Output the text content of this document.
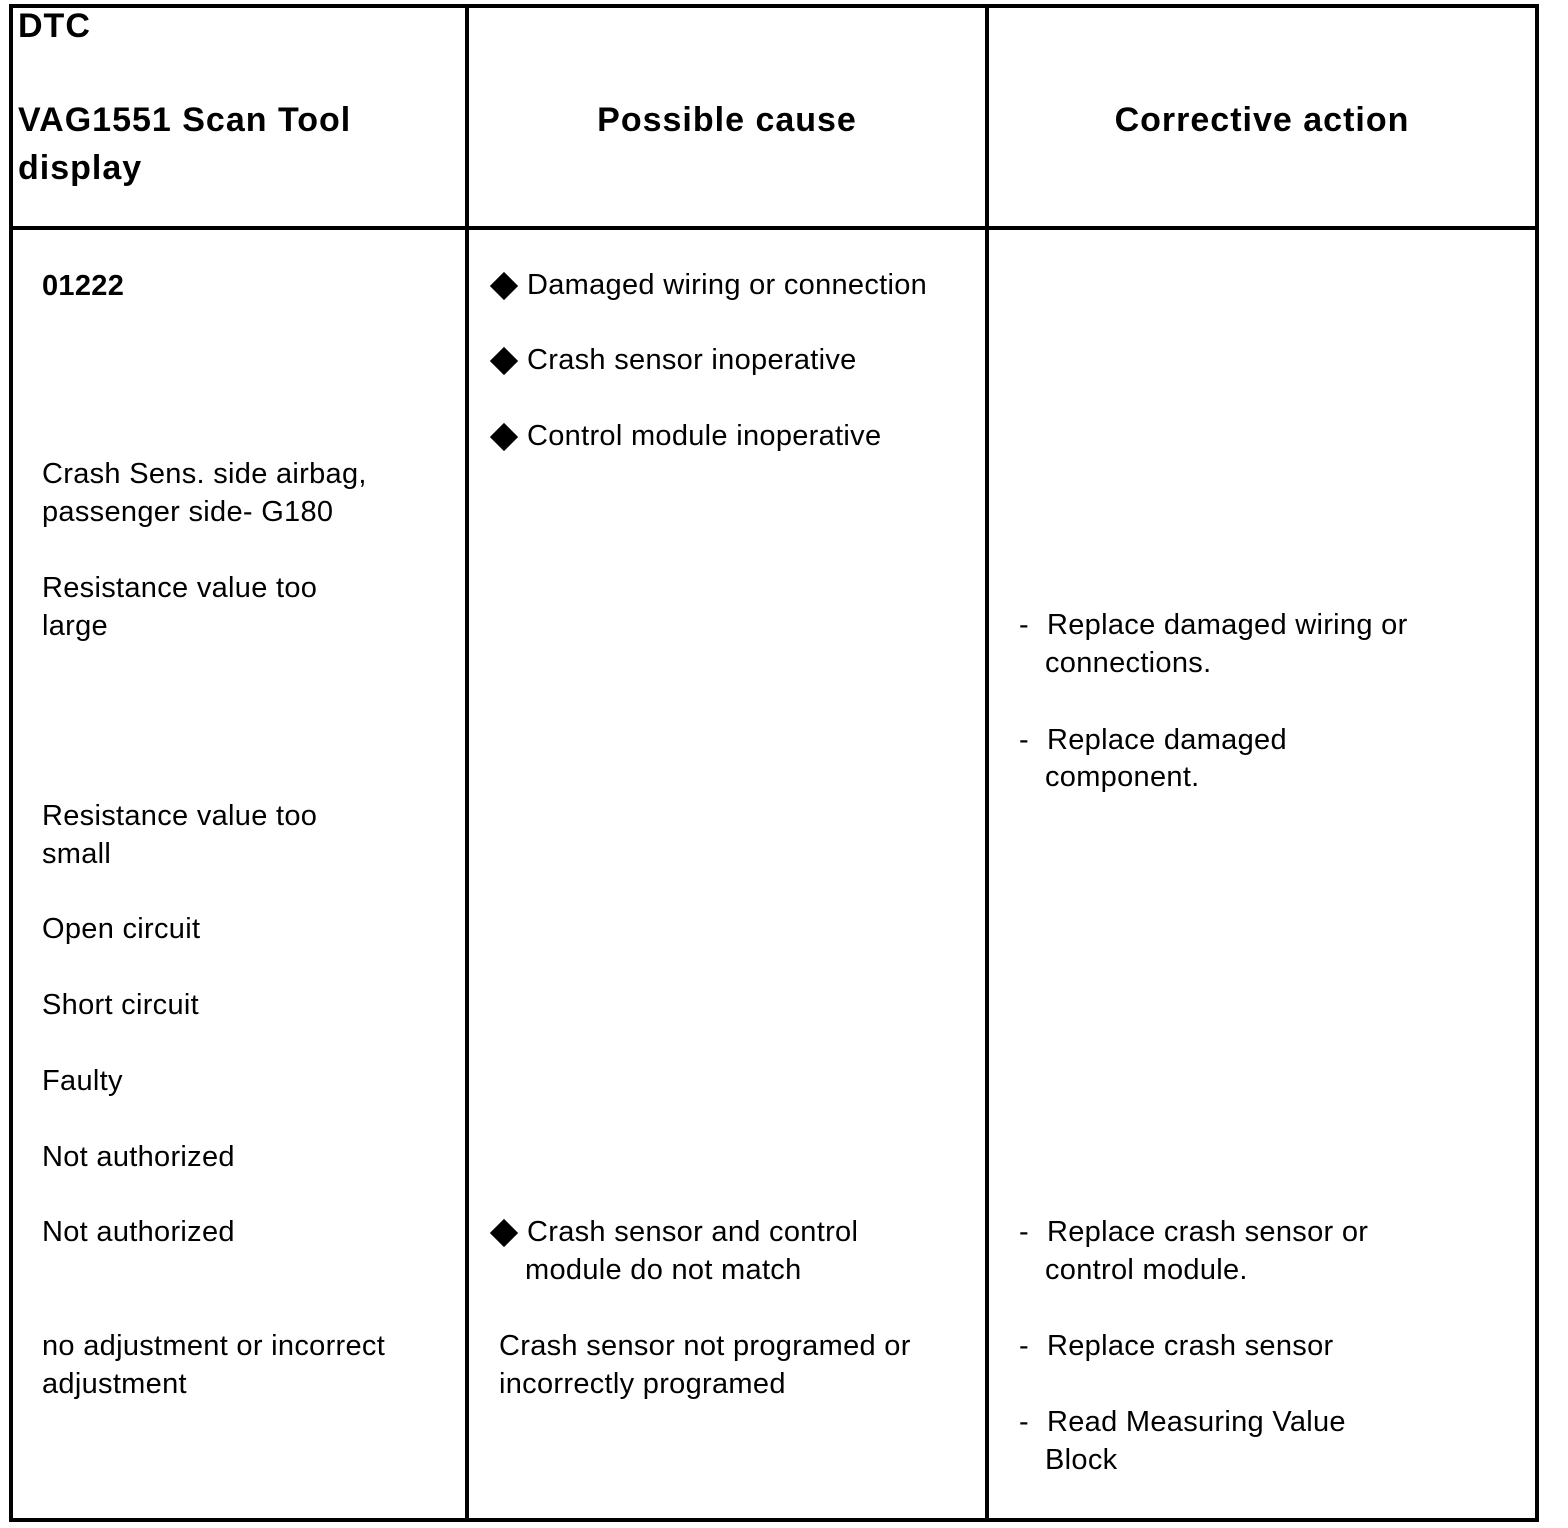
DTC

VAG1551 Scan Tool

display

Possible cause	Corrective action

01222

Crash Sens. side airbag,

passenger side- G180

Resistance value too

large

Resistance value too

small

Open circuit

Short circuit

Faulty

Not authorized

Not authorized

no adjustment or incorrect

adjustment

Damaged wiring or connection

Crash sensor inoperative

Control module inoperative

Crash sensor and control

module do not match

Crash sensor not programed or

incorrectly programed

- Replace damaged wiring or

connections.

- Replace damaged

component.

- Replace crash sensor or

control module.

- Replace crash sensor

- Read Measuring Value

Block
